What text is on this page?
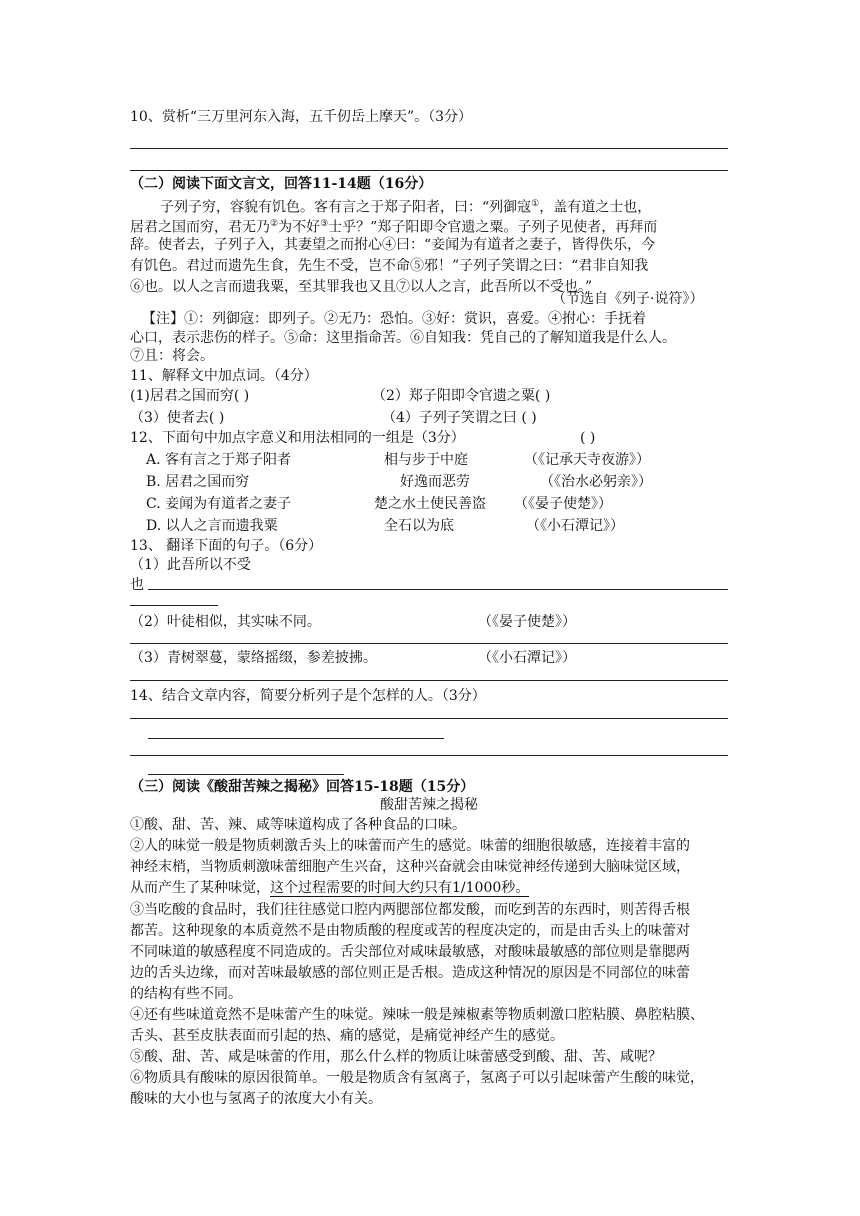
10、赏析“三万里河东入海，五千仞岳上摩天”。（3分）
（二）阅读下面文言文，回答11-14题（16分）
子列子穷，容貌有饥色。客有言之于郑子阳者，曰：“列御寇①，盖有道之士也，
居君之国而穷，君无乃②为不好③士乎？”郑子阳即令官遗之粟。子列子见使者，再拜而
辞。使者去，子列子入，其妻望之而拊心④曰：“妾闻为有道者之妻子，皆得佚乐，今
有饥色。君过而遗先生食，先生不受，岂不命⑤邪！”子列子笑谓之曰：“君非自知我
⑥也。以人之言而遗我粟，至其罪我也又且⑦以人之言，此吾所以不受也。”
（节选自《列子·说符》）
【注】①：列御寇：即列子。②无乃：恐怕。③好：赏识，喜爱。④拊心：手抚着
心口，表示悲伤的样子。⑤命：这里指命苦。⑥自知我：凭自己的了解知道我是什么人。
⑦且：将会。
11、解释文中加点词。（4分）
(1)居君之国而穷( )	（2）郑子阳即令官遗之粟( )
（3）使者去( )	（4）子列子笑谓之曰 ( )
12、下面句中加点字意义和用法相同的一组是（3分）	( )
A. 客有言之于郑子阳者	相与步于中庭	（《记承天寺夜游》）
B. 居君之国而穷	好逸而恶劳	（《治水必躬亲》）
C. 妾闻为有道者之妻子	楚之水土使民善盗 （《晏子使楚》）
D. 以人之言而遗我粟	全石以为底	（《小石潭记》）
13、 翻译下面的句子。（6分）
（1）此吾所以不受
也
（2）叶徒相似，其实味不同。	（《晏子使楚》）
（3）青树翠蔓，蒙络摇缀，参差披拂。	（《小石潭记》）
14、结合文章内容，简要分析列子是个怎样的人。（3分）
（三）阅读《酸甜苦辣之揭秘》回答15-18题（15分）
酸甜苦辣之揭秘
①酸、甜、苦、辣、咸等味道构成了各种食品的口味。
②人的味觉一般是物质刺激舌头上的味蕾而产生的感觉。味蕾的细胞很敏感，连接着丰富的
神经末梢，当物质刺激味蕾细胞产生兴奋，这种兴奋就会由味觉神经传递到大脑味觉区域，
从而产生了某种味觉，这个过程需要的时间大约只有1/1000秒。
③当吃酸的食品时，我们往往感觉口腔内两腮部位都发酸，而吃到苦的东西时，则苦得舌根
都苦。这种现象的本质竟然不是由物质酸的程度或苦的程度决定的，而是由舌头上的味蕾对
不同味道的敏感程度不同造成的。舌尖部位对咸味最敏感，对酸味最敏感的部位则是靠腮两
边的舌头边缘，而对苦味最敏感的部位则正是舌根。造成这种情况的原因是不同部位的味蕾
的结构有些不同。
④还有些味道竟然不是味蕾产生的味觉。辣味一般是辣椒素等物质刺激口腔粘膜、鼻腔粘膜、
舌头、甚至皮肤表面而引起的热、痛的感觉，是痛觉神经产生的感觉。
⑤酸、甜、苦、咸是味蕾的作用，那么什么样的物质让味蕾感受到酸、甜、苦、咸呢？
⑥物质具有酸味的原因很简单。一般是物质含有氢离子，氢离子可以引起味蕾产生酸的味觉，
酸味的大小也与氢离子的浓度大小有关。
